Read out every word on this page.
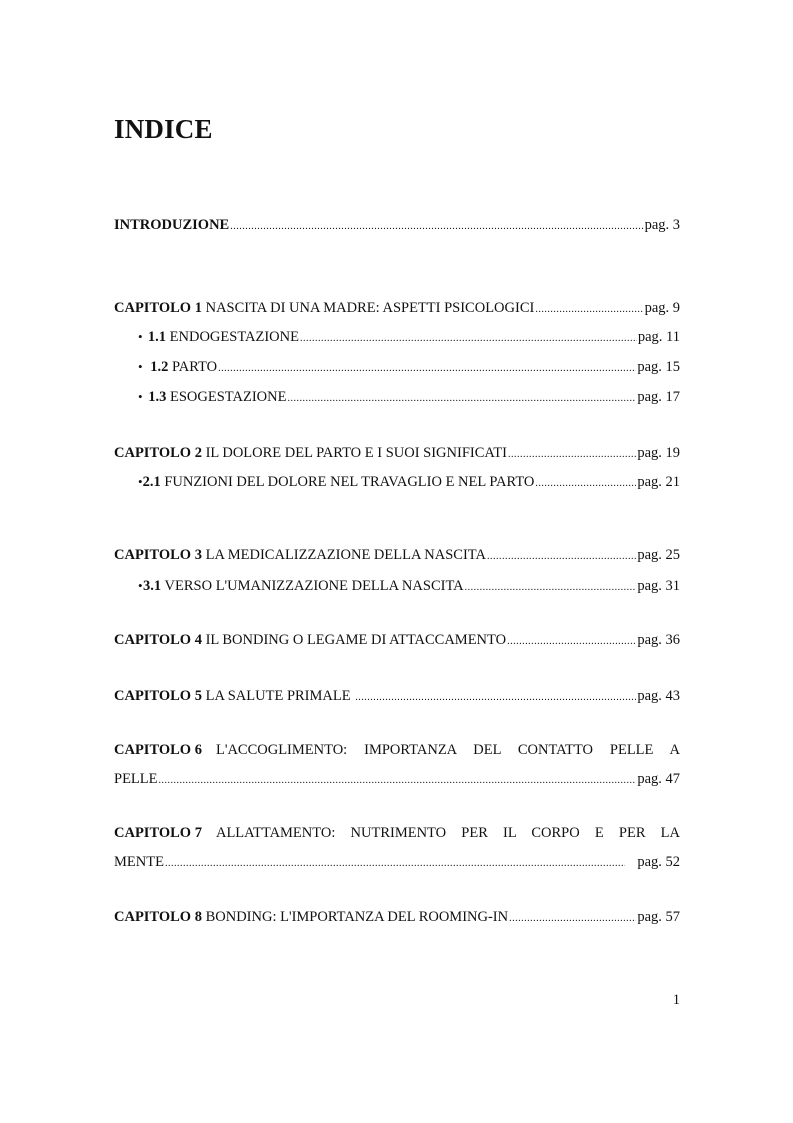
INDICE
INTRODUZIONE .....	pag. 3
CAPITOLO 1 NASCITA DI UNA MADRE: ASPETTI PSICOLOGICI .....	pag. 9
• 1.1 ENDOGESTAZIONE .....	pag. 11
• 1.2 PARTO .....	pag. 15
• 1.3 ESOGESTAZIONE .....	pag. 17
CAPITOLO 2 IL DOLORE DEL PARTO E I SUOI SIGNIFICATI .....	pag. 19
• 2.1 FUNZIONI DEL DOLORE NEL TRAVAGLIO E NEL PARTO .....	pag. 21
CAPITOLO 3 LA MEDICALIZZAZIONE DELLA NASCITA .....	pag. 25
• 3.1 VERSO L'UMANIZZAZIONE DELLA NASCITA .....	pag. 31
CAPITOLO 4 IL BONDING O LEGAME DI ATTACCAMENTO .....	pag. 36
CAPITOLO 5 LA SALUTE PRIMALE .....	pag. 43
CAPITOLO 6 L'ACCOGLIMENTO: IMPORTANZA DEL CONTATTO PELLE A
PELLE .....	pag. 47
CAPITOLO 7 ALLATTAMENTO: NUTRIMENTO PER IL CORPO E PER LA
MENTE .....	pag. 52
CAPITOLO 8 BONDING: L'IMPORTANZA DEL ROOMING-IN .....	pag. 57
1
